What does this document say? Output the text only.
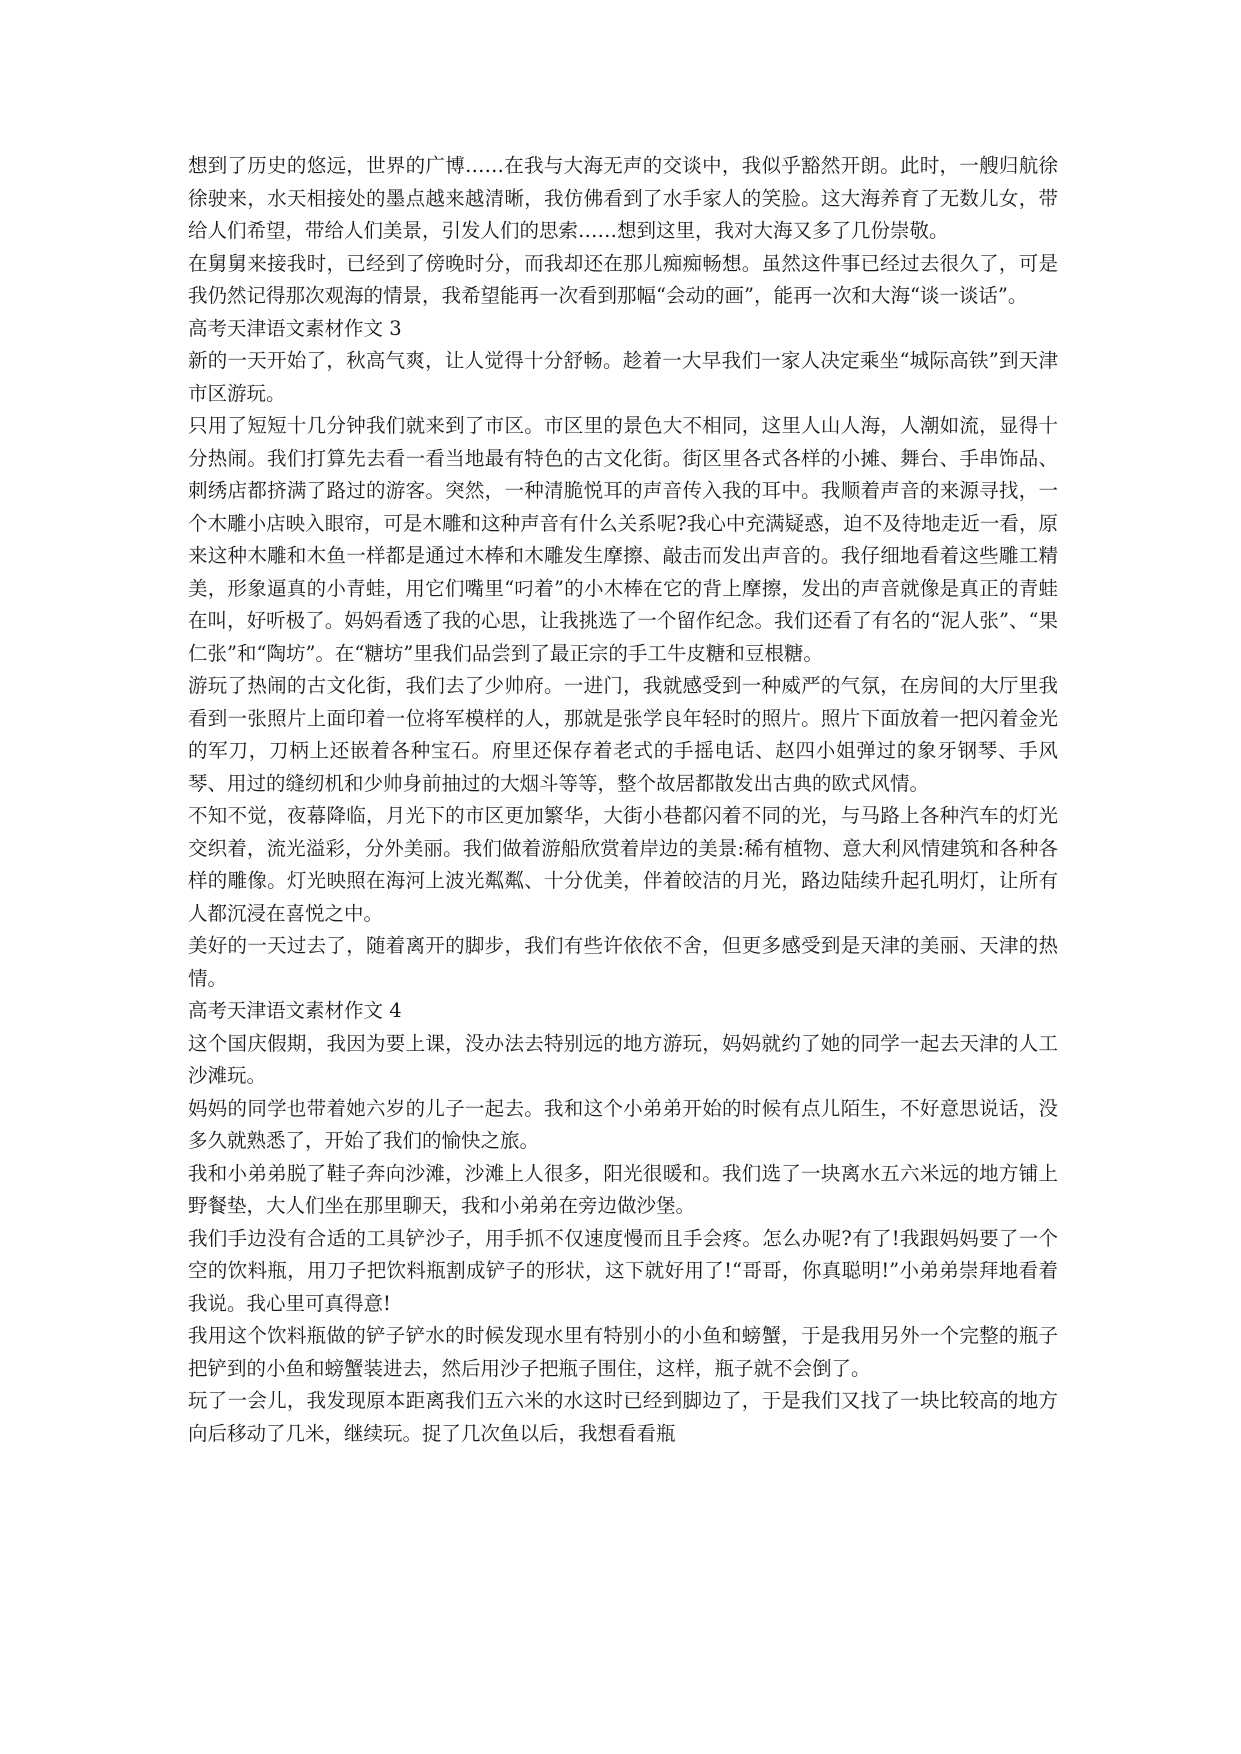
想到了历史的悠远，世界的广博……在我与大海无声的交谈中，我似乎豁然开朗。此时，一艘归航徐徐驶来，水天相接处的墨点越来越清晰，我仿佛看到了水手家人的笑脸。这大海养育了无数儿女，带给人们希望，带给人们美景，引发人们的思索……想到这里，我对大海又多了几份崇敬。

在舅舅来接我时，已经到了傍晚时分，而我却还在那儿痴痴畅想。虽然这件事已经过去很久了，可是我仍然记得那次观海的情景，我希望能再一次看到那幅“会动的画”，能再一次和大海“谈一谈话”。

高考天津语文素材作文 3

新的一天开始了，秋高气爽，让人觉得十分舒畅。趁着一大早我们一家人决定乘坐“城际高铁”到天津市区游玩。

只用了短短十几分钟我们就来到了市区。市区里的景色大不相同，这里人山人海，人潮如流，显得十分热闹。我们打算先去看一看当地最有特色的古文化街。街区里各式各样的小摊、舞台、手串饰品、刺绣店都挤满了路过的游客。突然，一种清脆悦耳的声音传入我的耳中。我顺着声音的来源寻找，一个木雕小店映入眼帘，可是木雕和这种声音有什么关系呢?我心中充满疑惑，迫不及待地走近一看，原来这种木雕和木鱼一样都是通过木棒和木雕发生摩擦、敲击而发出声音的。我仔细地看着这些雕工精美，形象逼真的小青蛙，用它们嘴里“叼着”的小木棒在它的背上摩擦，发出的声音就像是真正的青蛙在叫，好听极了。妈妈看透了我的心思，让我挑选了一个留作纪念。我们还看了有名的“泥人张”、“果仁张”和“陶坊”。在“糖坊”里我们品尝到了最正宗的手工牛皮糖和豆根糖。

游玩了热闹的古文化街，我们去了少帅府。一进门，我就感受到一种威严的气氛，在房间的大厅里我看到一张照片上面印着一位将军模样的人，那就是张学良年轻时的照片。照片下面放着一把闪着金光的军刀，刀柄上还嵌着各种宝石。府里还保存着老式的手摇电话、赵四小姐弹过的象牙钢琴、手风琴、用过的缝纫机和少帅身前抽过的大烟斗等等，整个故居都散发出古典的欧式风情。

不知不觉，夜幕降临，月光下的市区更加繁华，大街小巷都闪着不同的光，与马路上各种汽车的灯光交织着，流光溢彩，分外美丽。我们做着游船欣赏着岸边的美景:稀有植物、意大利风情建筑和各种各样的雕像。灯光映照在海河上波光粼粼、十分优美，伴着皎洁的月光，路边陆续升起孔明灯，让所有人都沉浸在喜悦之中。

美好的一天过去了，随着离开的脚步，我们有些许依依不舍，但更多感受到是天津的美丽、天津的热情。

高考天津语文素材作文 4

这个国庆假期，我因为要上课，没办法去特别远的地方游玩，妈妈就约了她的同学一起去天津的人工沙滩玩。

妈妈的同学也带着她六岁的儿子一起去。我和这个小弟弟开始的时候有点儿陌生，不好意思说话，没多久就熟悉了，开始了我们的愉快之旅。

我和小弟弟脱了鞋子奔向沙滩，沙滩上人很多，阳光很暖和。我们选了一块离水五六米远的地方铺上野餐垫，大人们坐在那里聊天，我和小弟弟在旁边做沙堡。

我们手边没有合适的工具铲沙子，用手抓不仅速度慢而且手会疼。怎么办呢?有了!我跟妈妈要了一个空的饮料瓶，用刀子把饮料瓶割成铲子的形状，这下就好用了!“哥哥，你真聪明!”小弟弟崇拜地看着我说。我心里可真得意!

我用这个饮料瓶做的铲子铲水的时候发现水里有特别小的小鱼和螃蟹，于是我用另外一个完整的瓶子把铲到的小鱼和螃蟹装进去，然后用沙子把瓶子围住，这样，瓶子就不会倒了。

玩了一会儿，我发现原本距离我们五六米的水这时已经到脚边了，于是我们又找了一块比较高的地方向后移动了几米，继续玩。捉了几次鱼以后，我想看看瓶
